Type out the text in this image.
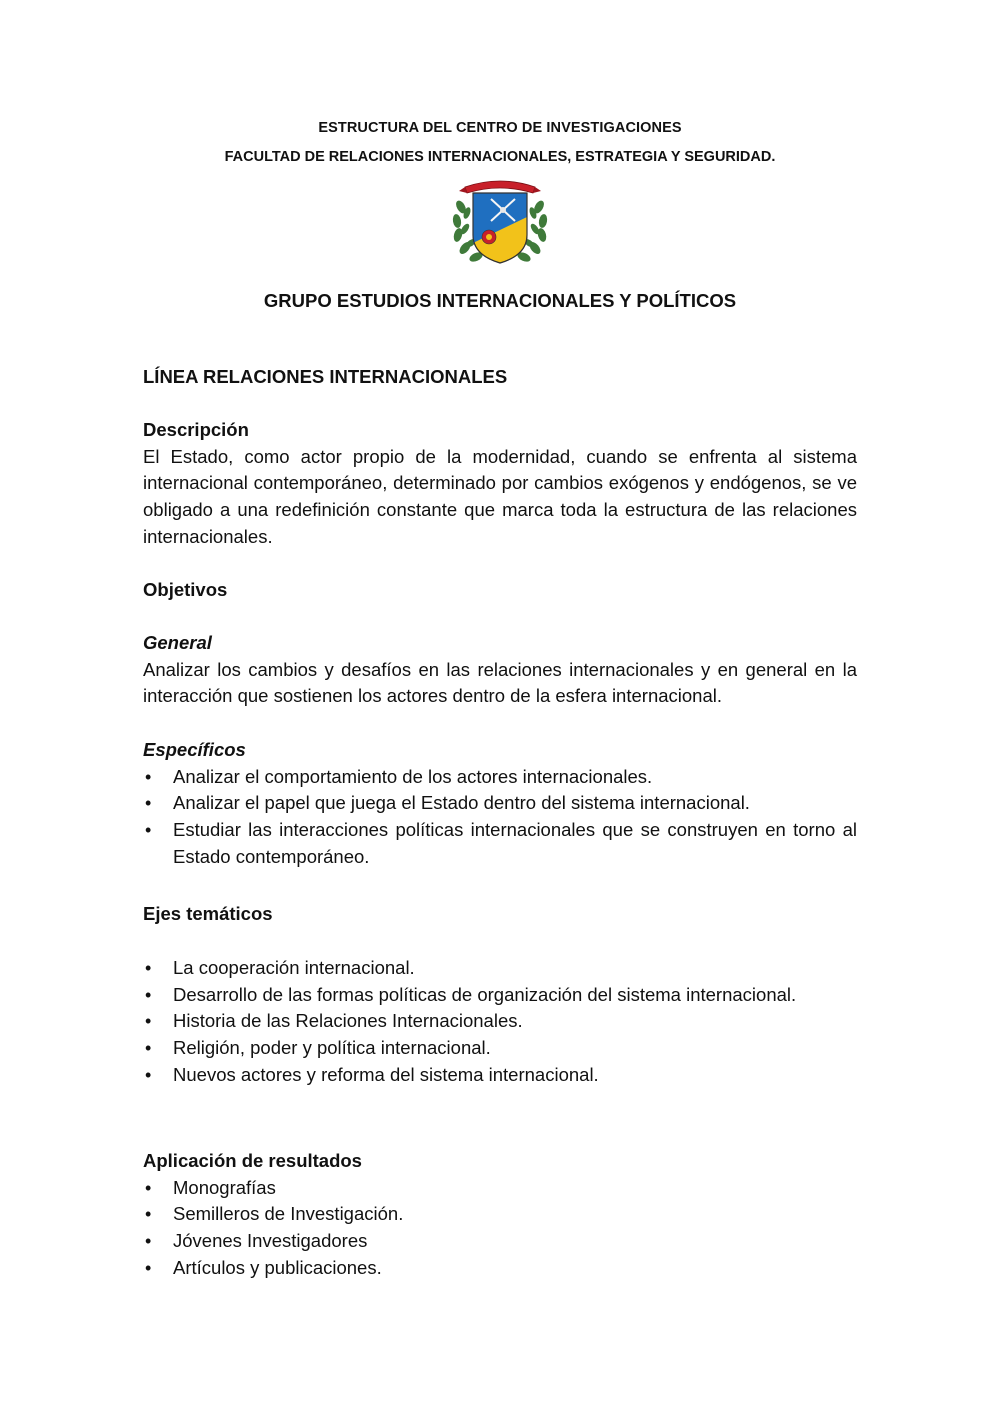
ESTRUCTURA DEL CENTRO DE INVESTIGACIONES
FACULTAD DE RELACIONES INTERNACIONALES, ESTRATEGIA Y SEGURIDAD.
GRUPO ESTUDIOS INTERNACIONALES Y POLÍTICOS
LÍNEA RELACIONES INTERNACIONALES
Descripción
El Estado, como actor propio de la modernidad, cuando se enfrenta al sistema internacional contemporáneo, determinado por cambios exógenos y endógenos, se ve obligado a una redefinición constante que marca toda la estructura de las relaciones internacionales.
Objetivos
General
Analizar los cambios y desafíos en las relaciones internacionales y en general en la interacción que sostienen los actores dentro de la esfera internacional.
Específicos
• Analizar el comportamiento de los actores internacionales.
• Analizar el papel que juega el Estado dentro del sistema internacional.
• Estudiar las interacciones políticas internacionales que se construyen en torno al Estado contemporáneo.
Ejes temáticos
• La cooperación internacional.
• Desarrollo de las formas políticas de organización del sistema internacional.
• Historia de las Relaciones Internacionales.
• Religión, poder y política internacional.
• Nuevos actores y reforma del sistema internacional.
Aplicación de resultados
• Monografías
• Semilleros de Investigación.
• Jóvenes Investigadores
• Artículos y publicaciones.
